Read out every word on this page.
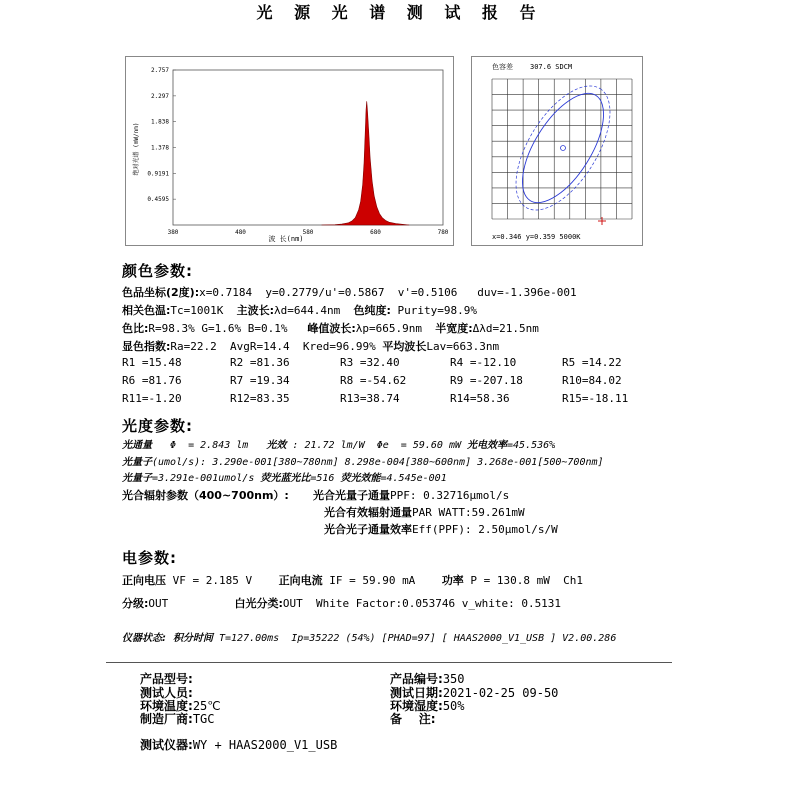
光 源 光 谱 测 试 报 告
2.757
2.297
1.838
1.378
0.9191
0.4595
380	480	580	680	780
波 长(nm)
绝对光谱 (mW/nm)
色容差 307.6 SDCM
x=0.346 y=0.359 5000K
颜色参数:
色品坐标(2度):x=0.7184  y=0.2779/u'=0.5867  v'=0.5106   duv=-1.396e-001
相关色温:Tc=1001K  主波长:λd=644.4nm  色纯度: Purity=98.9%
色比:R=98.3% G=1.6% B=0.1%   峰值波长:λp=665.9nm  半宽度:Δλd=21.5nm
显色指数:Ra=22.2  AvgR=14.4  Kred=96.99% 平均波长Lav=663.3nm
R1 =15.48	R2 =81.36	R3 =32.40	R4 =-12.10	R5 =14.22
R6 =81.76	R7 =19.34	R8 =-54.62	R9 =-207.18	R10=84.02
R11=-1.20	R12=83.35	R13=38.74	R14=58.36	R15=-18.11
光度参数:
光通量   Φ  = 2.843 lm   光效 : 21.72 lm/W  Φe  = 59.60 mW 光电效率=45.536%
光量子(umol/s): 3.290e-001[380~780nm] 8.298e-004[380~600nm] 3.268e-001[500~700nm]
光量子=3.291e-001umol/s 荧光蓝光比=516 荧光效能=4.545e-001
光合辐射参数（400~700nm）: 光合光量子通量PPF: 0.32716μmol/s
光合有效辐射通量PAR WATT:59.261mW
光合光子通量效率Eff(PPF): 2.50μmol/s/W
电参数:
正向电压 VF = 2.185 V    正向电流 IF = 59.90 mA    功率 P = 130.8 mW  Ch1
分级:OUT          白光分类:OUT  White Factor:0.053746 v_white: 0.5131
仪器状态:  积分时间 T=127.00ms  Ip=35222 (54%) [PHAD=97] [ HAAS2000_V1_USB ] V2.00.286
产品型号:	产品编号:350
测试人员:	测试日期:2021-02-25 09-50
环境温度:25℃	环境湿度:50%
制造厂商:TGC	备    注:
测试仪器:WY + HAAS2000_V1_USB
